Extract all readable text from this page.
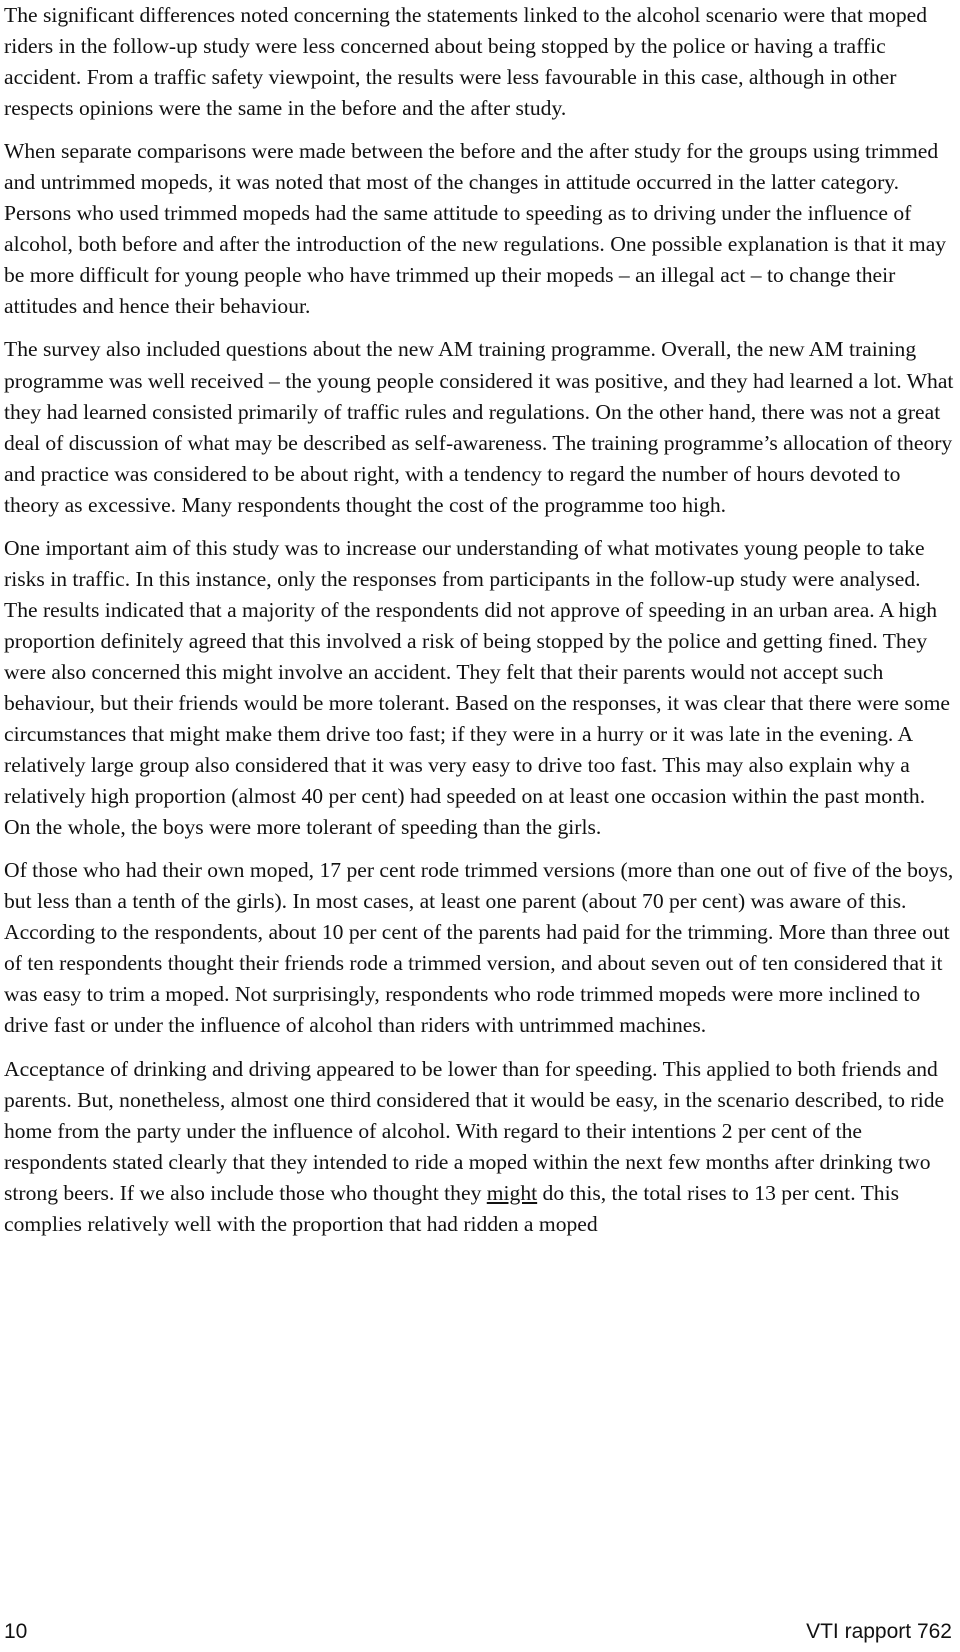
The significant differences noted concerning the statements linked to the alcohol scenario were that moped riders in the follow-up study were less concerned about being stopped by the police or having a traffic accident. From a traffic safety viewpoint, the results were less favourable in this case, although in other respects opinions were the same in the before and the after study.

When separate comparisons were made between the before and the after study for the groups using trimmed and untrimmed mopeds, it was noted that most of the changes in attitude occurred in the latter category. Persons who used trimmed mopeds had the same attitude to speeding as to driving under the influence of alcohol, both before and after the introduction of the new regulations. One possible explanation is that it may be more difficult for young people who have trimmed up their mopeds – an illegal act – to change their attitudes and hence their behaviour.

The survey also included questions about the new AM training programme. Overall, the new AM training programme was well received – the young people considered it was positive, and they had learned a lot. What they had learned consisted primarily of traffic rules and regulations. On the other hand, there was not a great deal of discussion of what may be described as self-awareness. The training programme’s allocation of theory and practice was considered to be about right, with a tendency to regard the number of hours devoted to theory as excessive. Many respondents thought the cost of the programme too high.

One important aim of this study was to increase our understanding of what motivates young people to take risks in traffic. In this instance, only the responses from participants in the follow-up study were analysed. The results indicated that a majority of the respondents did not approve of speeding in an urban area. A high proportion definitely agreed that this involved a risk of being stopped by the police and getting fined. They were also concerned this might involve an accident. They felt that their parents would not accept such behaviour, but their friends would be more tolerant. Based on the responses, it was clear that there were some circumstances that might make them drive too fast; if they were in a hurry or it was late in the evening. A relatively large group also considered that it was very easy to drive too fast. This may also explain why a relatively high proportion (almost 40 per cent) had speeded on at least one occasion within the past month. On the whole, the boys were more tolerant of speeding than the girls.

Of those who had their own moped, 17 per cent rode trimmed versions (more than one out of five of the boys, but less than a tenth of the girls). In most cases, at least one parent (about 70 per cent) was aware of this. According to the respondents, about 10 per cent of the parents had paid for the trimming. More than three out of ten respondents thought their friends rode a trimmed version, and about seven out of ten considered that it was easy to trim a moped. Not surprisingly, respondents who rode trimmed mopeds were more inclined to drive fast or under the influence of alcohol than riders with untrimmed machines.

Acceptance of drinking and driving appeared to be lower than for speeding. This applied to both friends and parents. But, nonetheless, almost one third considered that it would be easy, in the scenario described, to ride home from the party under the influence of alcohol. With regard to their intentions 2 per cent of the respondents stated clearly that they intended to ride a moped within the next few months after drinking two strong beers. If we also include those who thought they might do this, the total rises to 13 per cent. This complies relatively well with the proportion that had ridden a moped

10	VTI rapport 762
